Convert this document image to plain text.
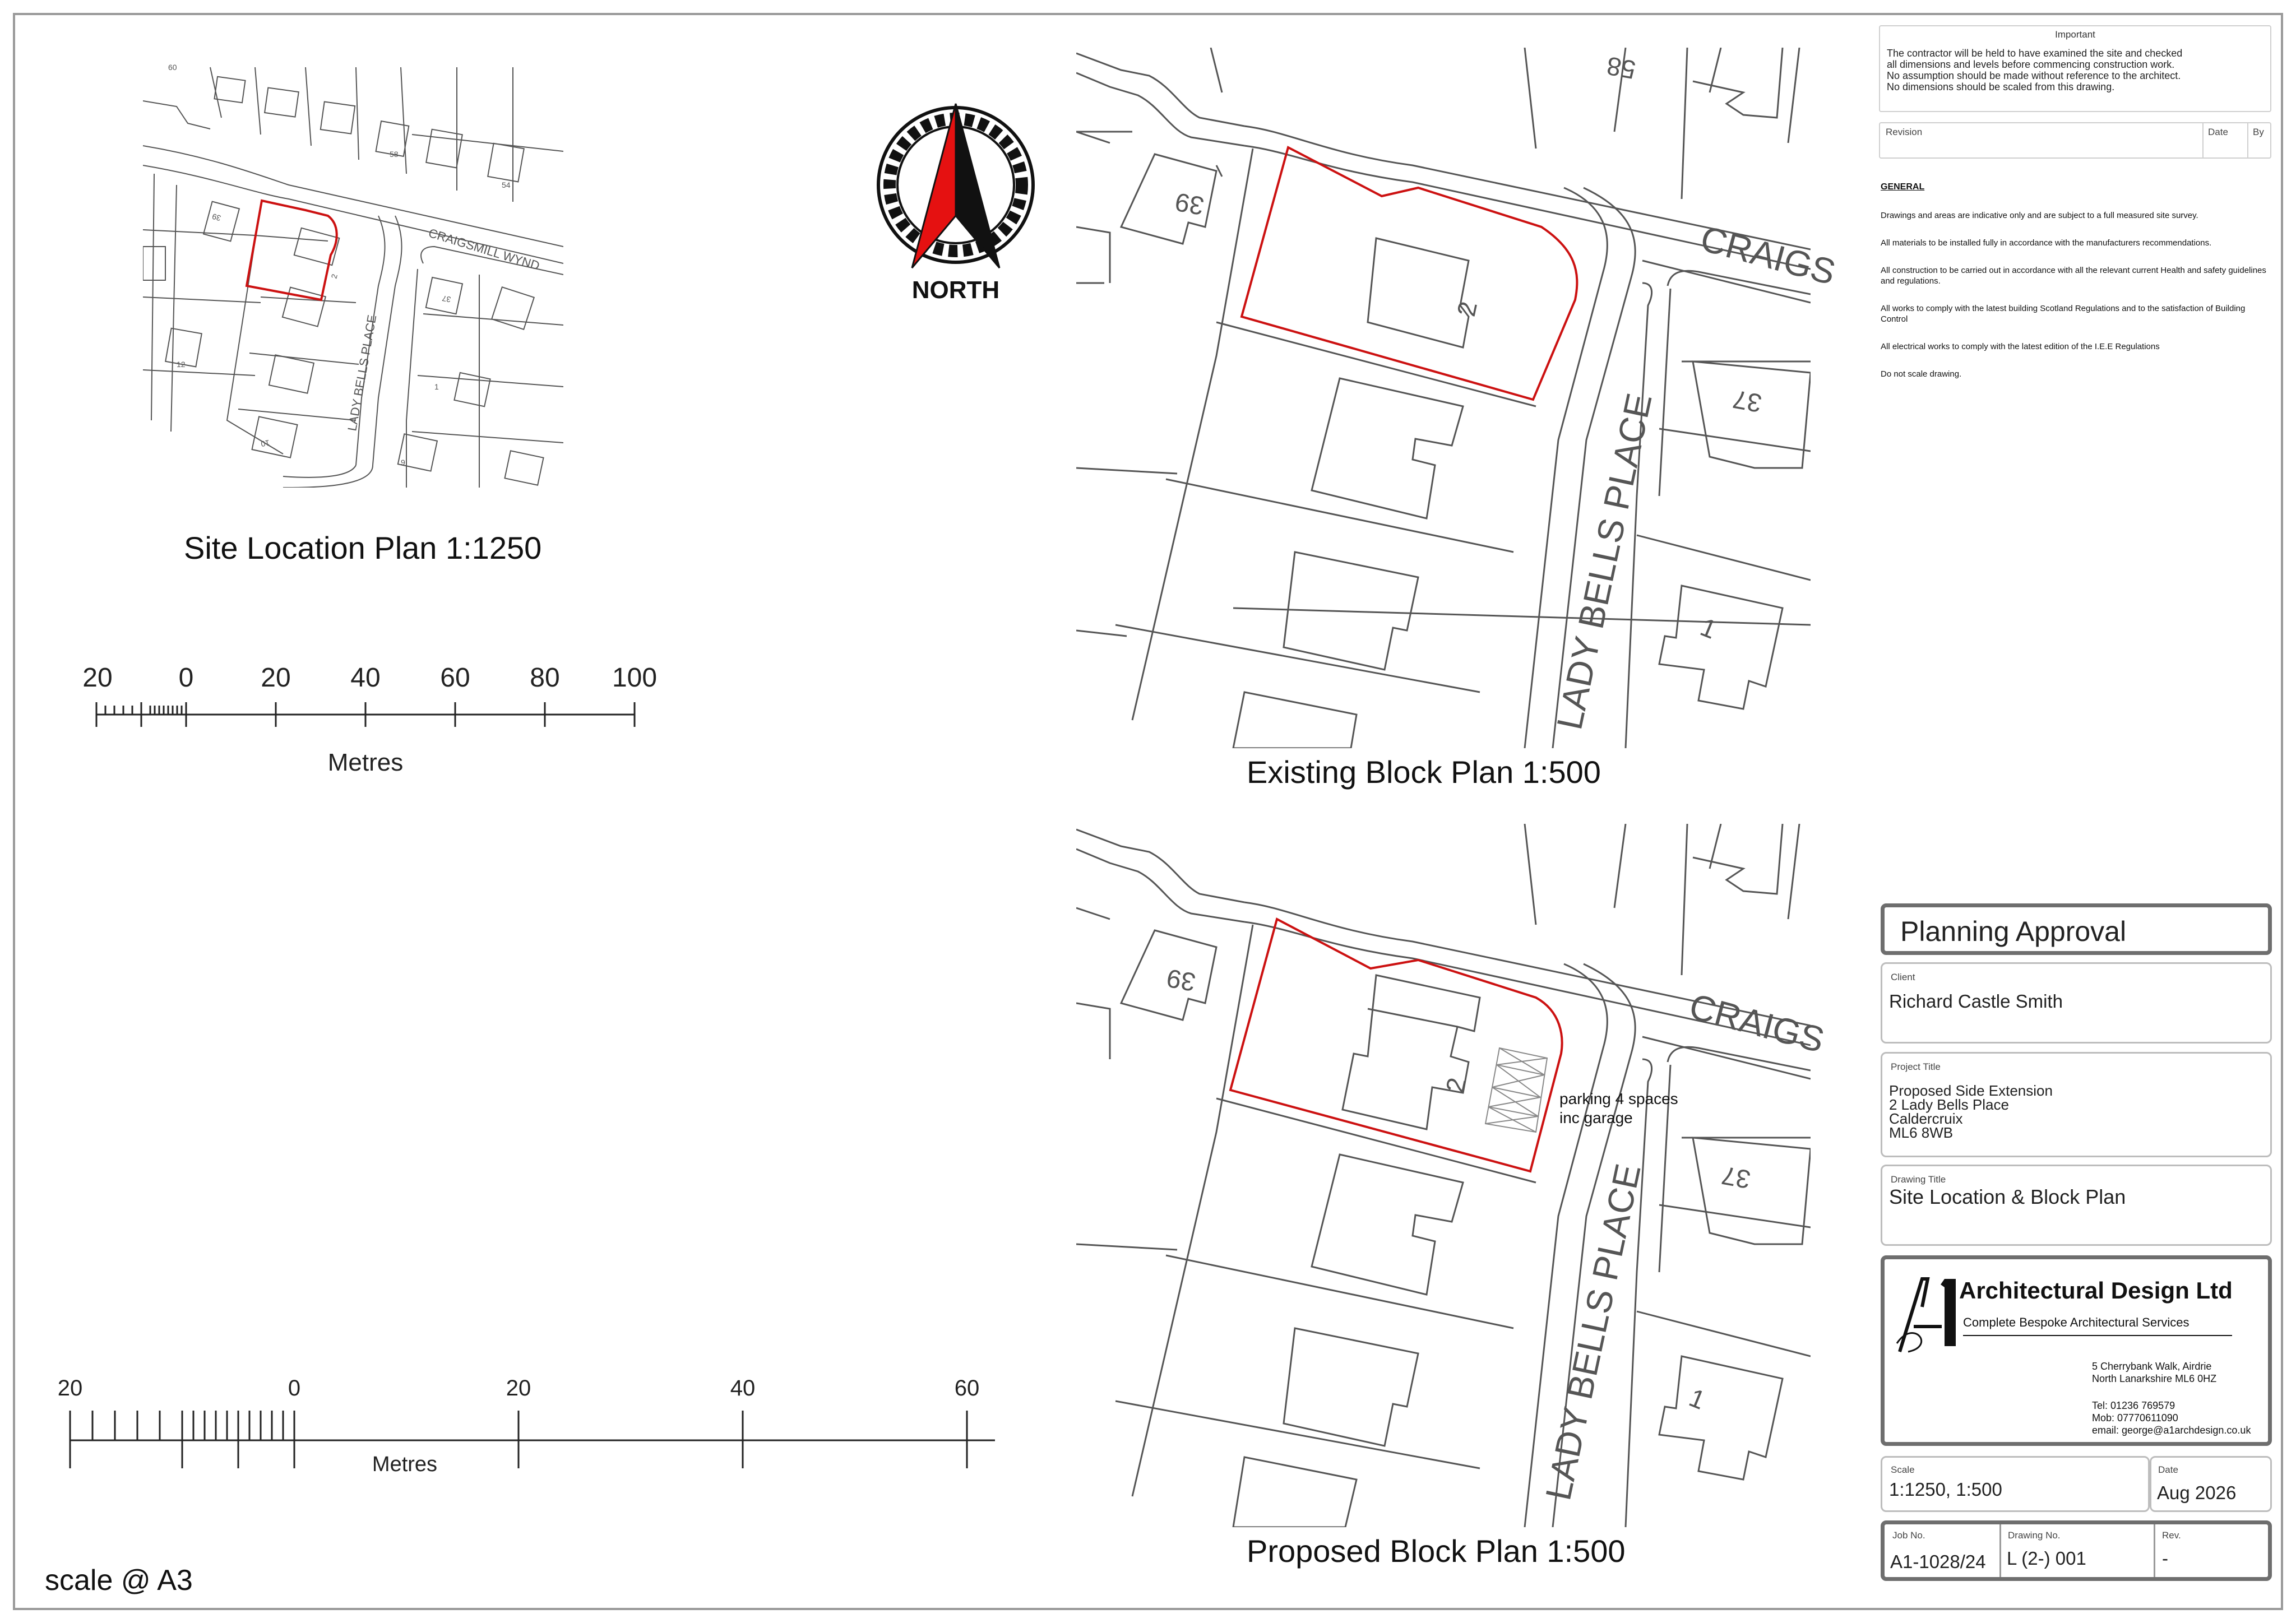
CRAIGSMILL WYND
LADY BELLS PLACE
39
2
37
58
54
12
10
1
9
60
Site Location Plan 1:1250
20 0 20 40 60 80 100
Metres
NORTH	CRAIGS
LADY BELLS PLACE
39
2
37
1
58
Existing Block Plan 1:500
CRAIGS
LADY BELLS PLACE
39
2
37
1
parking 4 spaces
inc garage
Proposed Block Plan 1:500
20	0	20	40	60
Metres
scale @ A3
Important
The contractor will be held to have examined the site and checked
all dimensions and levels before commencing construction work.
No assumption should be made without reference to the architect.
No dimensions should be scaled from this drawing.
Revision	Date	By
GENERAL

Drawings and areas are indicative only and are subject to a full measured site survey.

All materials to be installed fully in accordance with the manufacturers recommendations.

All construction to be carried out in accordance with all the relevant current Health and safety guidelines and regulations.

All works to comply with the latest building Scotland Regulations and to the satisfaction of Building Control

All electrical works to comply with the latest edition of the I.E.E Regulations

Do not scale drawing.

Planning Approval
Client
Richard Castle Smith
Project Title
Proposed Side Extension
2 Lady Bells Place
Caldercruix
ML6 8WB
Drawing Title
Site Location & Block Plan
Architectural Design Ltd
Complete Bespoke Architectural Services
5 Cherrybank Walk, Airdrie
North Lanarkshire ML6 0HZ
Tel: 01236 769579
Mob: 07770611090
email: george@a1archdesign.co.uk
Scale
1:1250, 1:500
Date
Aug 2026
Job No.
A1-1028/24
Drawing No.
L (2-) 001
Rev.
-
